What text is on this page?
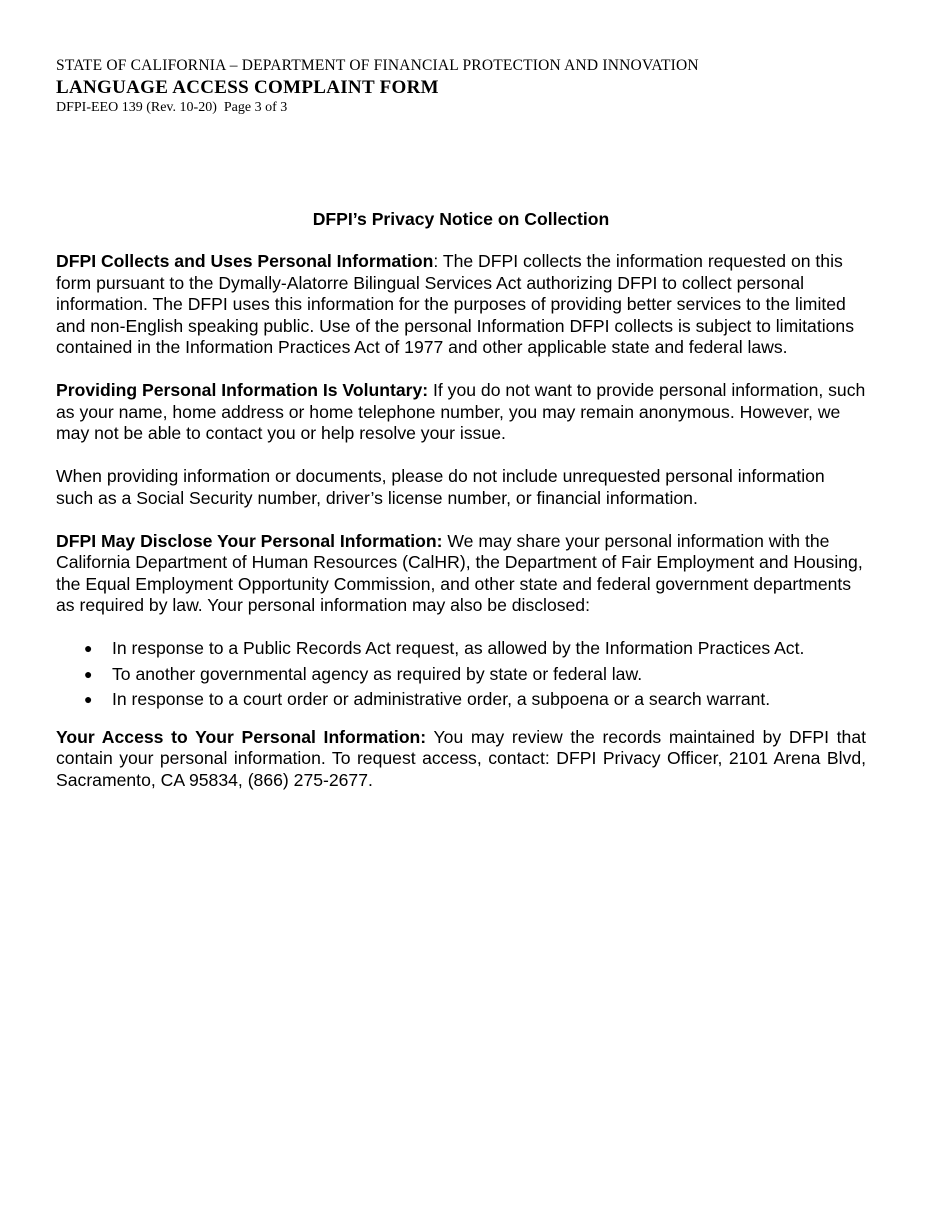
STATE OF CALIFORNIA – DEPARTMENT OF FINANCIAL PROTECTION AND INNOVATION
LANGUAGE ACCESS COMPLAINT FORM
DFPI-EEO 139 (Rev. 10-20)  Page 3 of 3
DFPI’s Privacy Notice on Collection

DFPI Collects and Uses Personal Information: The DFPI collects the information requested on this form pursuant to the Dymally-Alatorre Bilingual Services Act authorizing DFPI to collect personal information. The DFPI uses this information for the purposes of providing better services to the limited and non-English speaking public. Use of the personal Information DFPI collects is subject to limitations contained in the Information Practices Act of 1977 and other applicable state and federal laws.

Providing Personal Information Is Voluntary: If you do not want to provide personal information, such as your name, home address or home telephone number, you may remain anonymous. However, we may not be able to contact you or help resolve your issue.

When providing information or documents, please do not include unrequested personal information such as a Social Security number, driver’s license number, or financial information.

DFPI May Disclose Your Personal Information: We may share your personal information with the California Department of Human Resources (CalHR), the Department of Fair Employment and Housing, the Equal Employment Opportunity Commission, and other state and federal government departments as required by law. Your personal information may also be disclosed:

● In response to a Public Records Act request, as allowed by the Information Practices Act.
● To another governmental agency as required by state or federal law.
● In response to a court order or administrative order, a subpoena or a search warrant.

Your Access to Your Personal Information: You may review the records maintained by DFPI that contain your personal information. To request access, contact: DFPI Privacy Officer, 2101 Arena Blvd, Sacramento, CA 95834, (866) 275-2677.
